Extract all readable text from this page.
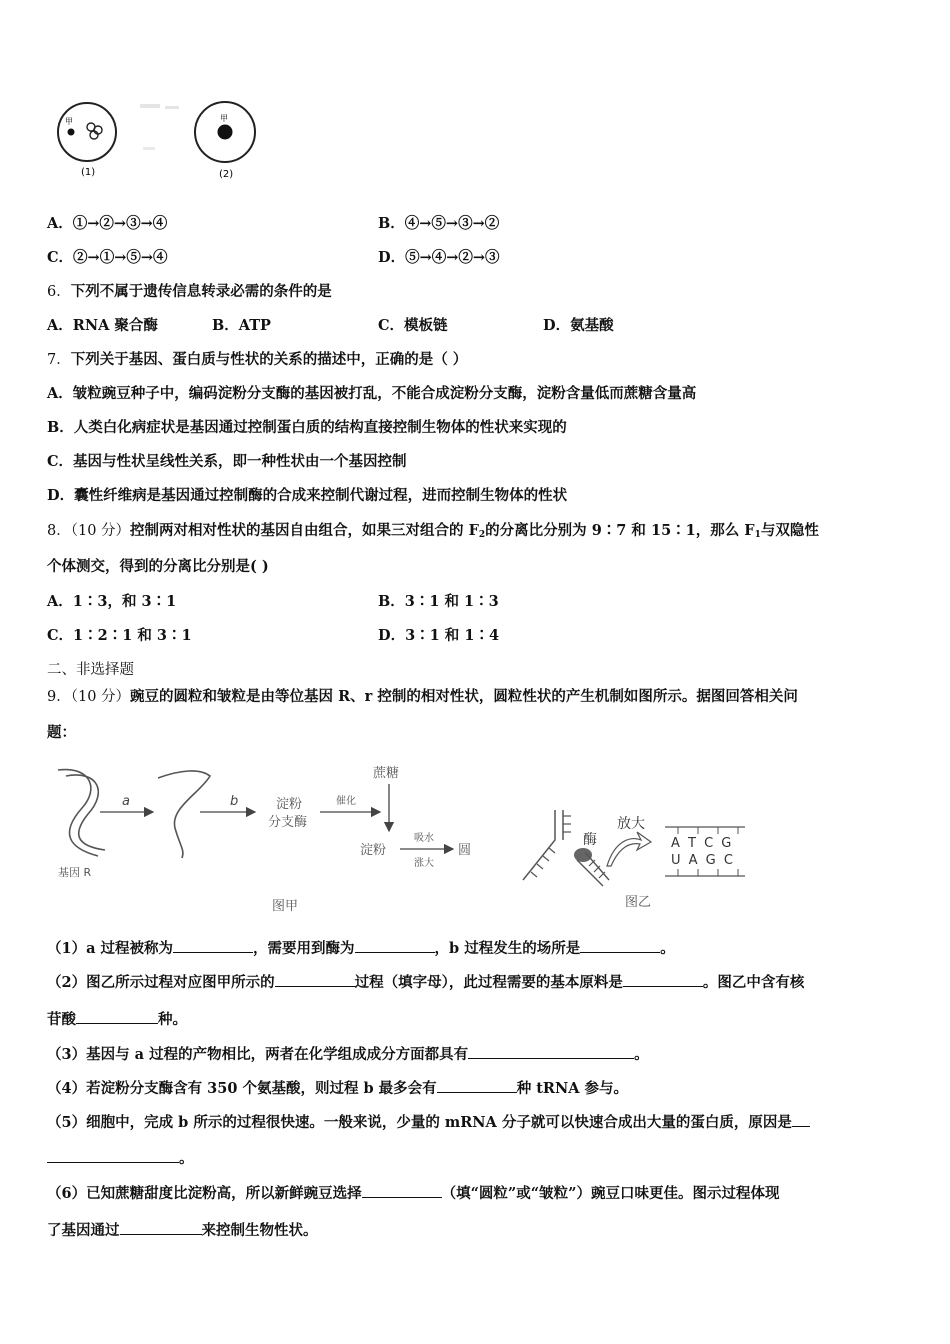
甲
(1)
甲
(2)
A．①→②→③→④	B．④→⑤→③→②
C．②→①→⑤→④	D．⑤→④→②→③
6．下列不属于遗传信息转录必需的条件的是
A．RNA 聚合酶	B．ATP	C．模板链	D．氨基酸
7．下列关于基因、蛋白质与性状的关系的描述中，正确的是（ ）
A．皱粒豌豆种子中，编码淀粉分支酶的基因被打乱，不能合成淀粉分支酶，淀粉含量低而蔗糖含量高
B．人类白化病症状是基因通过控制蛋白质的结构直接控制生物体的性状来实现的
C．基因与性状呈线性关系，即一种性状由一个基因控制
D．囊性纤维病是基因通过控制酶的合成来控制代谢过程，进而控制生物体的性状
8．（10 分）控制两对相对性状的基因自由组合，如果三对组合的 $F_2$的分离比分别为 9∶7 和 15∶1，那么 $F_1$与双隐性
个体测交，得到的分离比分别是( )
A．1∶3，和 3∶1	B．3∶1 和 1∶3
C．1∶2∶1 和 3∶1	D．3∶1 和 1∶4
二、非选择题
9．（10 分）豌豆的圆粒和皱粒是由等位基因 R、r 控制的相对性状，圆粒性状的产生机制如图所示。据图回答相关问
题：
基因 R
a	b	淀粉
分支酶
催化
蔗糖
淀粉
吸水
涨大
圆
图甲
酶
放大
A T C G
U A G C
图乙
（1）a 过程被称为	，需要用到酶为	，b 过程发生的场所是	。
（2）图乙所示过程对应图甲所示的	过程（填字母），此过程需要的基本原料是	。图乙中含有核
苷酸	种。
（3）基因与 a 过程的产物相比，两者在化学组成成分方面都具有	。
（4）若淀粉分支酶含有 350 个氨基酸，则过程 b 最多会有	种 tRNA 参与。
（5）细胞中，完成 b 所示的过程很快速。一般来说，少量的 mRNA 分子就可以快速合成出大量的蛋白质，原因是
。
（6）已知蔗糖甜度比淀粉高，所以新鲜豌豆选择	（填“圆粒”或“皱粒”）豌豆口味更佳。图示过程体现
了基因通过	来控制生物性状。
